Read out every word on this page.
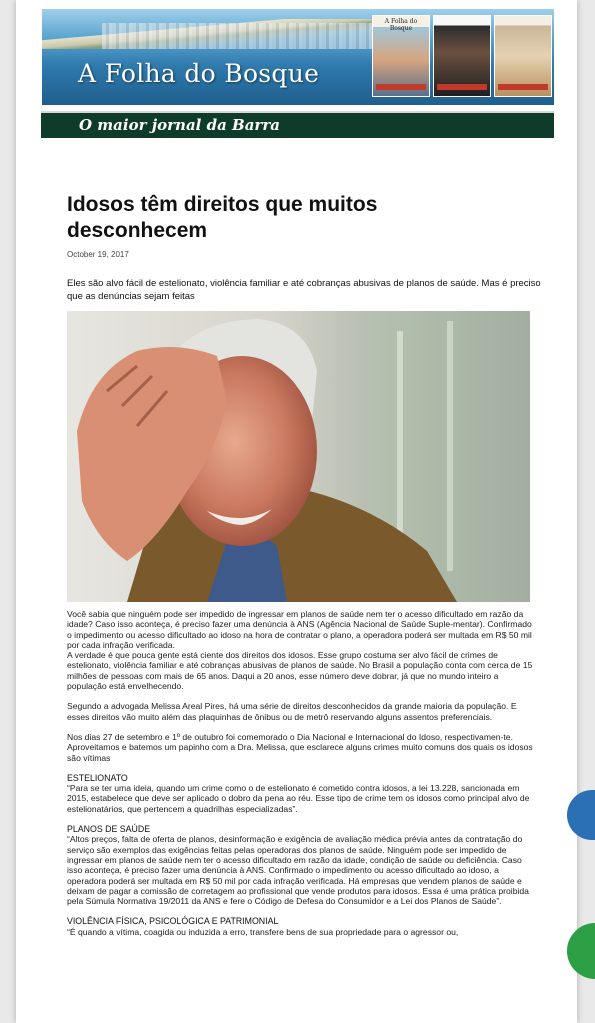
A Folha do Bosque
A Folha do Bosque
O maior jornal da Barra
Idosos têm direitos que muitos desconhecem
October 19, 2017

Eles são alvo fácil de estelionato, violência familiar e até cobranças abusivas de planos de saúde. Mas é preciso que as denúncias sejam feitas

Você sabia que ninguém pode ser impedido de ingressar em planos de saúde nem ter o acesso dificultado em razão da idade? Caso isso aconteça, é preciso fazer uma denúncia à ANS (Agência Nacional de Saúde Suple-mentar). Confirmado o impedimento ou acesso dificultado ao idoso na hora de contratar o plano, a operadora poderá ser multada em R$ 50 mil por cada infração verificada.

A verdade é que pouca gente está ciente dos direitos dos idosos. Esse grupo costuma ser alvo fácil de crimes de estelionato, violência familiar e até cobranças abusivas de planos de saúde. No Brasil a população conta com cerca de 15 milhões de pessoas com mais de 65 anos. Daqui a 20 anos, esse número deve dobrar, já que no mundo inteiro a população está envelhecendo.

Segundo a advogada Melissa Areal Pires, há uma série de direitos desconhecidos da grande maioria da população. E esses direitos vão muito além das plaquinhas de ônibus ou de metrô reservando alguns assentos preferenciais.

Nos dias 27 de setembro e 1º de outubro foi comemorado o Dia Nacional e Internacional do Idoso, respectivamen-te. Aproveitamos e batemos um papinho com a Dra. Melissa, que esclarece alguns crimes muito comuns dos quais os idosos são vítimas

ESTELIONATO

“Para se ter uma ideia, quando um crime como o de estelionato é cometido contra idosos, a lei 13.228, sancionada em 2015, estabelece que deve ser aplicado o dobro da pena ao réu. Esse tipo de crime tem os idosos como principal alvo de estelionatários, que pertencem a quadrilhas especializadas”.

PLANOS DE SAÚDE

“Altos preços, falta de oferta de planos, desinformação e exigência de avaliação médica prévia antes da contratação do serviço são exemplos das exigências feitas pelas operadoras dos planos de saúde. Ninguém pode ser impedido de ingressar em planos de saúde nem ter o acesso dificultado em razão da idade, condição de saúde ou deficiência. Caso isso aconteça, é preciso fazer uma denúncia à ANS. Confirmado o impedimento ou acesso dificultado ao idoso, a operadora poderá ser multada em R$ 50 mil por cada infração verificada. Há empresas que vendem planos de saúde e deixam de pagar a comissão de corretagem ao profissional que vende produtos para idosos. Essa é uma prática proibida pela Súmula Normativa 19/2011 da ANS e fere o Código de Defesa do Consumidor e a Lei dos Planos de Saúde”.

VIOLÊNCIA FÍSICA, PSICOLÓGICA E PATRIMONIAL

“É quando a vítima, coagida ou induzida a erro, transfere bens de sua propriedade para o agressor ou,
